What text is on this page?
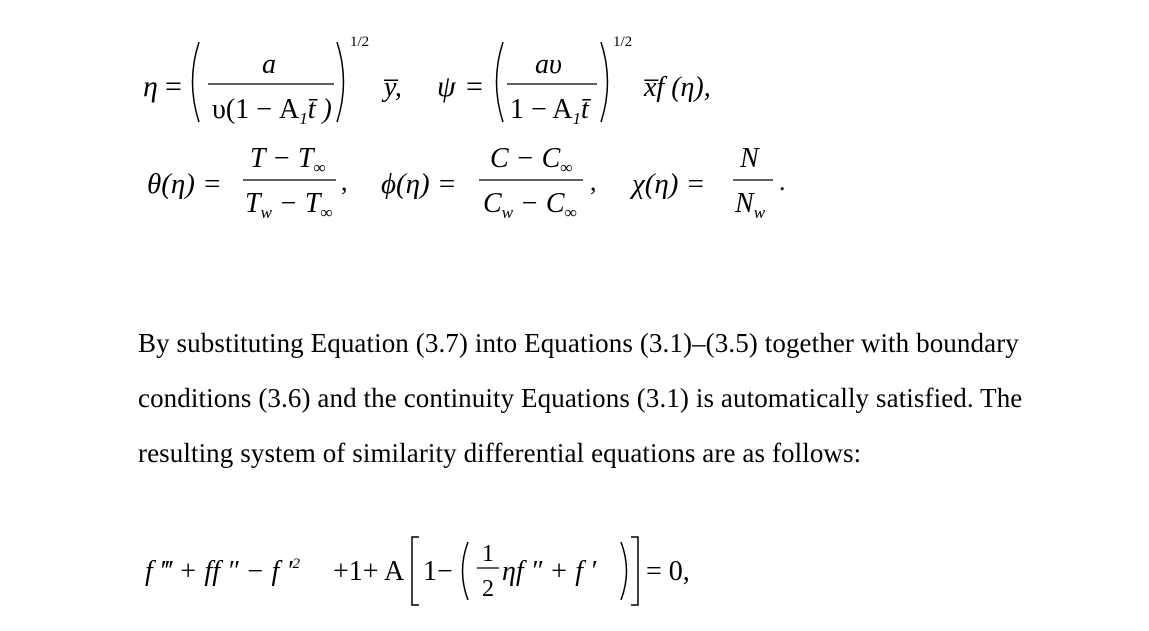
η =
a
$\upsilon(1 - A_1t̄$ )
1/2
y̅, ψ =
aυ
$1 - A_1t̄$
1/2
x̅f (η),
θ(η) =
$T - T_\infty$
$T_w - T_\infty$
, ϕ(η) =
$C - C_\infty$
$C_w - C_\infty$
, χ(η) =
N
$N_w$
.
By substituting Equation (3.7) into Equations (3.1)–(3.5) together with boundary
conditions (3.6) and the continuity Equations (3.1) is automatically satisfied. The
resulting system of similarity differential equations are as follows:
f ‴ + ff ″ − f $'^2 +1+ A$ 1−
1
2
ηf ″ + f ′ = 0,
